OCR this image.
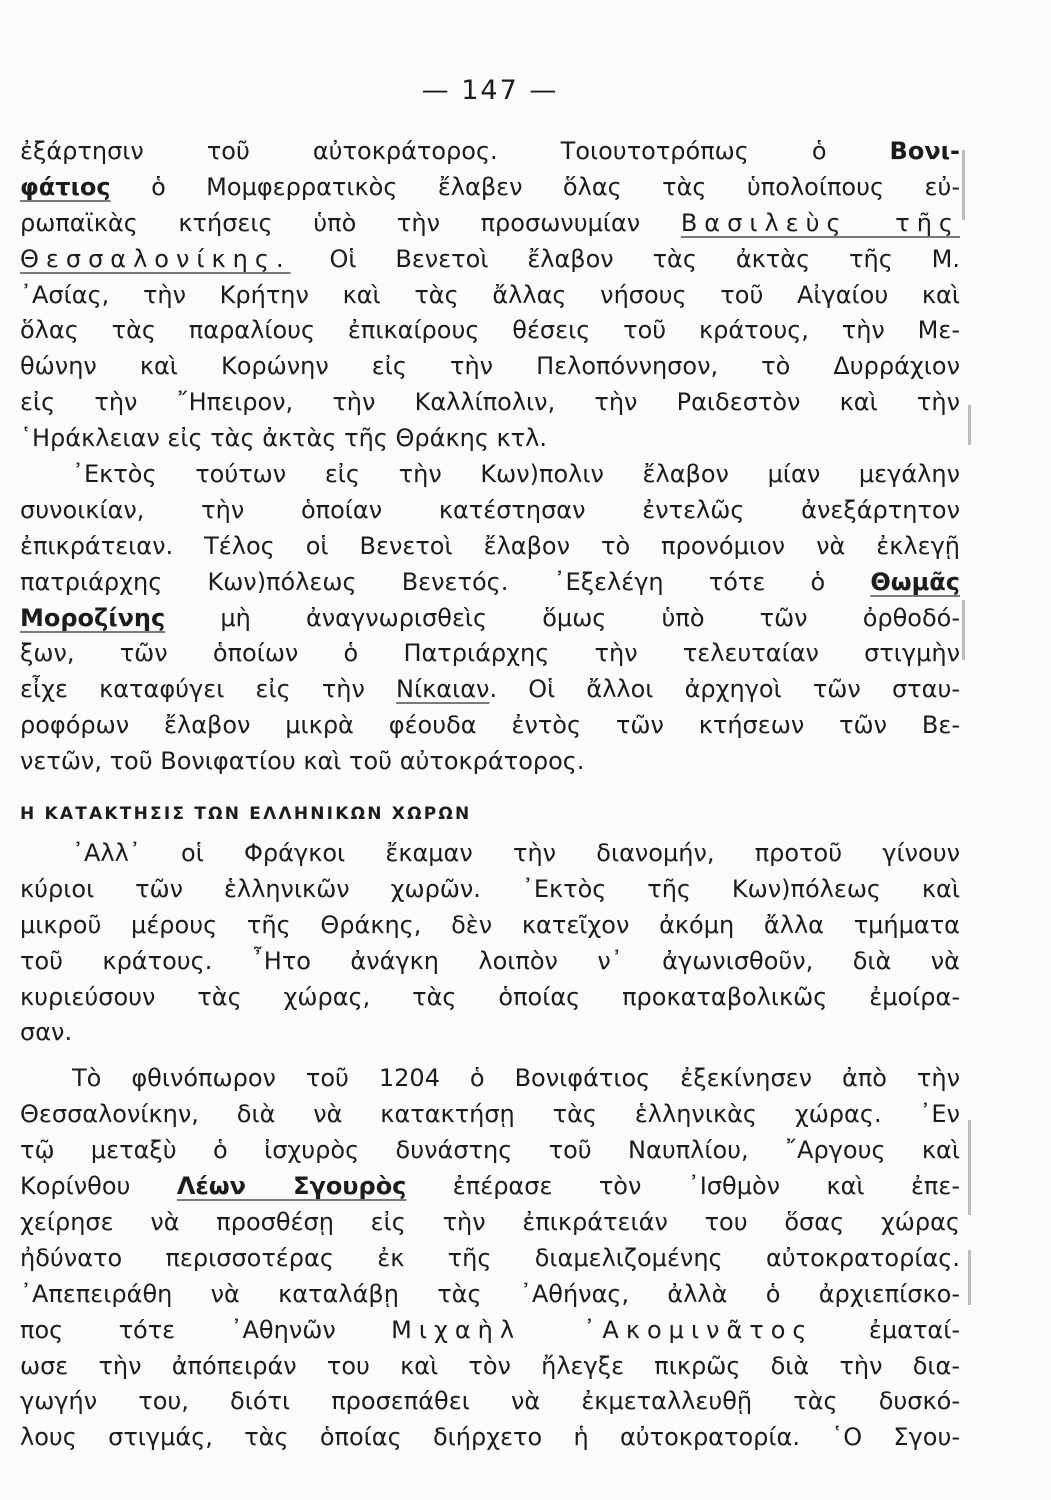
— 147 —
ἐξάρτησιν τοῦ αὐτοκράτορος. Τοιουτοτρόπως ὁ Βονι-
φάτιος ὁ Μομφερρατικὸς ἔλαβεν ὅλας τὰς ὑπολοίπους εὐ-
ρωπαϊκὰς κτήσεις ὑπὸ τὴν προσωνυμίαν Βασιλεὺς τῆς
Θεσσαλονίκης. Οἱ Βενετοὶ ἔλαβον τὰς ἀκτὰς τῆς Μ.
᾿Ασίας, τὴν Κρήτην καὶ τὰς ἄλλας νήσους τοῦ Αἰγαίου καὶ
ὅλας τὰς παραλίους ἐπικαίρους θέσεις τοῦ κράτους, τὴν Με-
θώνην καὶ Κορώνην εἰς τὴν Πελοπόννησον, τὸ Δυρράχιον
εἰς τὴν ῎Ηπειρον, τὴν Καλλίπολιν, τὴν Ραιδεστὸν καὶ τὴν
῾Ηράκλειαν εἰς τὰς ἀκτὰς τῆς Θράκης κτλ.
᾿Εκτὸς τούτων εἰς τὴν Κων)πολιν ἔλαβον μίαν μεγάλην
συνοικίαν, τὴν ὁποίαν κατέστησαν ἐντελῶς ἀνεξάρτητον
ἐπικράτειαν. Τέλος οἱ Βενετοὶ ἔλαβον τὸ προνόμιον νὰ ἐκλεγῇ
πατριάρχης Κων)πόλεως Βενετός. ᾿Εξελέγη τότε ὁ Θωμᾶς
Μοροζίνης μὴ ἀναγνωρισθεὶς ὅμως ὑπὸ τῶν ὀρθοδό-
ξων, τῶν ὁποίων ὁ Πατριάρχης τὴν τελευταίαν στιγμὴν
εἶχε καταφύγει εἰς τὴν Νίκαιαν. Οἱ ἄλλοι ἀρχηγοὶ τῶν σταυ-
ροφόρων ἔλαβον μικρὰ φέουδα ἐντὸς τῶν κτήσεων τῶν Βε-
νετῶν, τοῦ Βονιφατίου καὶ τοῦ αὐτοκράτορος.
Η ΚΑΤΑΚΤΗΣΙΣ ΤΩΝ ΕΛΛΗΝΙΚΩΝ ΧΩΡΩΝ
᾿Αλλ᾿ οἱ Φράγκοι ἔκαμαν τὴν διανομήν, προτοῦ γίνουν
κύριοι τῶν ἑλληνικῶν χωρῶν. ᾿Εκτὸς τῆς Κων)πόλεως καὶ
μικροῦ μέρους τῆς Θράκης, δὲν κατεῖχον ἀκόμη ἄλλα τμήματα
τοῦ κράτους. ῏Ητο ἀνάγκη λοιπὸν ν᾿ ἀγωνισθοῦν, διὰ νὰ
κυριεύσουν τὰς χώρας, τὰς ὁποίας προκαταβολικῶς ἐμοίρα-
σαν.
Τὸ φθινόπωρον τοῦ 1204 ὁ Βονιφάτιος ἐξεκίνησεν ἀπὸ τὴν
Θεσσαλονίκην, διὰ νὰ κατακτήσῃ τὰς ἑλληνικὰς χώρας. ᾿Εν
τῷ μεταξὺ ὁ ἰσχυρὸς δυνάστης τοῦ Ναυπλίου, ῎Αργους καὶ
Κορίνθου Λέων Σγουρὸς ἐπέρασε τὸν ᾿Ισθμὸν καὶ ἐπε-
χείρησε νὰ προσθέσῃ εἰς τὴν ἐπικράτειάν του ὅσας χώρας
ἠδύνατο περισσοτέρας ἐκ τῆς διαμελιζομένης αὐτοκρατορίας.
᾿Απεπειράθη νὰ καταλάβῃ τὰς ᾿Αθήνας, ἀλλὰ ὁ ἀρχιεπίσκο-
πος τότε ᾿Αθηνῶν Μιχαὴλ ᾿Ακομινᾶτος ἐματαί-
ωσε τὴν ἀπόπειράν του καὶ τὸν ἤλεγξε πικρῶς διὰ τὴν δια-
γωγήν του, διότι προσεπάθει νὰ ἐκμεταλλευθῇ τὰς δυσκό-
λους στιγμάς, τὰς ὁποίας διήρχετο ἡ αὐτοκρατορία. ῾Ο Σγου-
